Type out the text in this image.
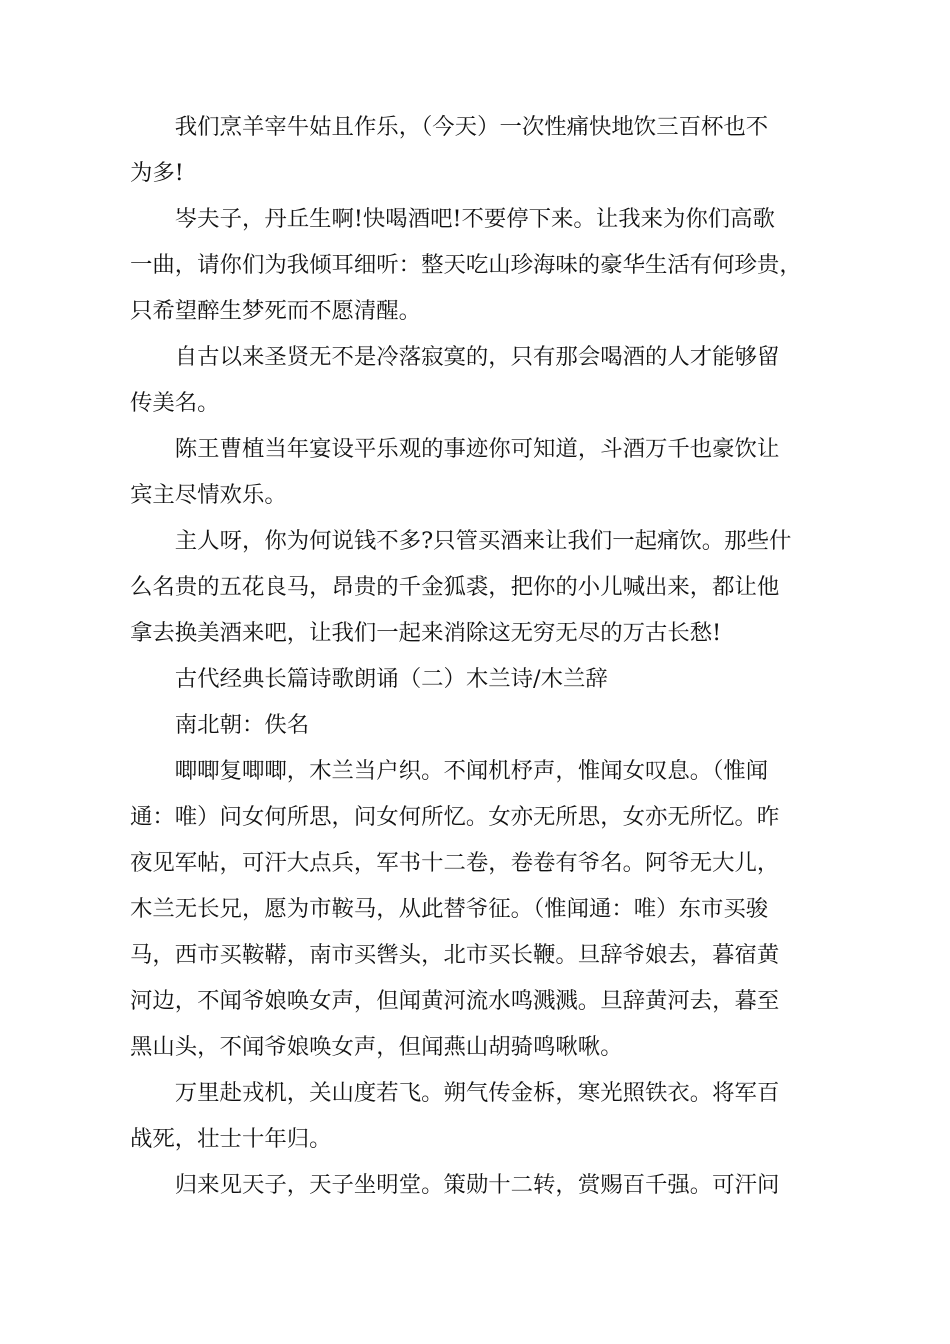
我们烹羊宰牛姑且作乐，（今天）一次性痛快地饮三百杯也不
为多!
岑夫子，丹丘生啊!快喝酒吧!不要停下来。让我来为你们高歌
一曲，请你们为我倾耳细听：整天吃山珍海味的豪华生活有何珍贵，
只希望醉生梦死而不愿清醒。
自古以来圣贤无不是冷落寂寞的，只有那会喝酒的人才能够留
传美名。
陈王曹植当年宴设平乐观的事迹你可知道，斗酒万千也豪饮让
宾主尽情欢乐。
主人呀，你为何说钱不多?只管买酒来让我们一起痛饮。那些什
么名贵的五花良马，昂贵的千金狐裘，把你的小儿喊出来，都让他
拿去换美酒来吧，让我们一起来消除这无穷无尽的万古长愁!
古代经典长篇诗歌朗诵（二）木兰诗/木兰辞
南北朝：佚名
唧唧复唧唧，木兰当户织。不闻机杼声，惟闻女叹息。（惟闻
通：唯）问女何所思，问女何所忆。女亦无所思，女亦无所忆。昨
夜见军帖，可汗大点兵，军书十二卷，卷卷有爷名。阿爷无大儿，
木兰无长兄，愿为市鞍马，从此替爷征。（惟闻通：唯）东市买骏
马，西市买鞍鞯，南市买辔头，北市买长鞭。旦辞爷娘去，暮宿黄
河边，不闻爷娘唤女声，但闻黄河流水鸣溅溅。旦辞黄河去，暮至
黑山头，不闻爷娘唤女声，但闻燕山胡骑鸣啾啾。
万里赴戎机，关山度若飞。朔气传金柝，寒光照铁衣。将军百
战死，壮士十年归。
归来见天子，天子坐明堂。策勋十二转，赏赐百千强。可汗问
